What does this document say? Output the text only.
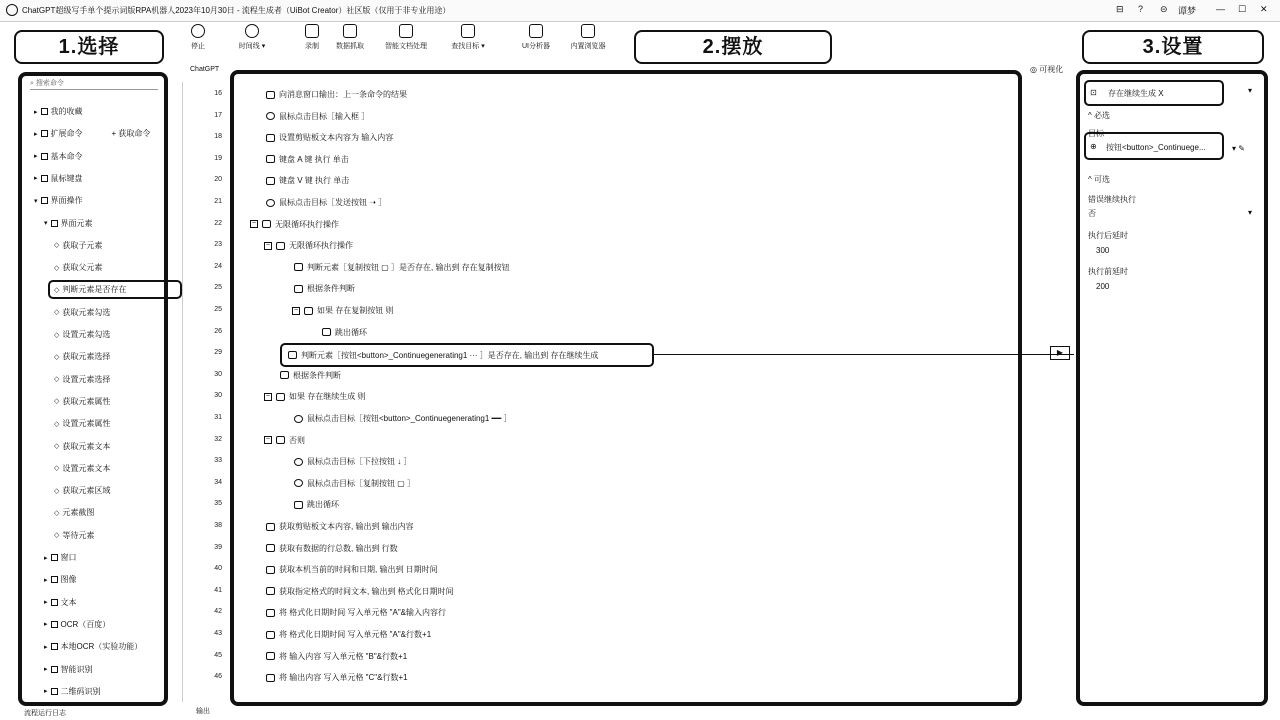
ChatGPT超级写手单个提示词版RPA机器人2023年10月30日 - 流程生成者（UiBot Creator）社区版（仅用于非专业用途）	⊟ ? ⊝ 谭梦 — ☐ ✕
停止	时间线 ▾	录制	数据抓取	智能文档处理	查找目标 ▾	UI分析器	内置浏览器
1.选择	2.摆放	3.设置
ChatGPT
⌕ 搜索命令
▸ 我的收藏
▸ 扩展命令	+ 获取命令
▸ 基本命令
▸ 鼠标键盘
▾ 界面操作
▾ 界面元素
◇ 获取子元素
◇ 获取父元素
◇ 判断元素是否存在
◇ 获取元素勾选
◇ 设置元素勾选
◇ 获取元素选择
◇ 设置元素选择
◇ 获取元素属性
◇ 设置元素属性
◇ 获取元素文本
◇ 设置元素文本
◇ 获取元素区域
◇ 元素截图
◇ 等待元素
▸ 窗口
▸ 图像
▸ 文本
▸ OCR（百度）
▸ 本地OCR（实验功能）
▸ 智能识别
▸ 二维码识别
流程运行日志	输出
◎ 可视化
16	向消息窗口输出：上一条命令的结果
17	鼠标点击目标［输入框 ］
18	设置剪贴板文本内容为 输入内容
19	键盘 A 键 执行 单击
20	键盘 V 键 执行 单击
21	鼠标点击目标［发送按钮 ➝ ］
22	− 无限循环执行操作
23	− 无限循环执行操作
24	判断元素［复制按钮 ▢ ］是否存在, 输出到 存在复制按钮
25	根据条件判断
25	− 如果 存在复制按钮 则
26	跳出循环
29	判断元素［按钮<button>_Continuegenerating1 ··· ］是否存在, 输出到 存在继续生成
30	根据条件判断
30	− 如果 存在继续生成 则
31	鼠标点击目标［按钮<button>_Continuegenerating1 ━━ ］
32	− 否则
33	鼠标点击目标［下拉按钮 ↓ ］
34	鼠标点击目标［复制按钮 ▢ ］
35	跳出循环
38	获取剪贴板文本内容, 输出到 输出内容
39	获取有数据的行总数, 输出到 行数
40	获取本机当前的时间和日期, 输出到 日期时间
41	获取指定格式的时间文本, 输出到 格式化日期时间
42	将 格式化日期时间 写入单元格 "A"&输入内容行
43	将 格式化日期时间 写入单元格 "A"&行数+1
45	将 输入内容 写入单元格 "B"&行数+1
46	将 输出内容 写入单元格 "C"&行数+1
▶
⊡ 存在继续生成 X	▾
^ 必选
目标
⊕ 按钮<button>_Continuege...	▾ ✎
^ 可选
错误继续执行
否	▾
执行后延时
300
执行前延时
200
